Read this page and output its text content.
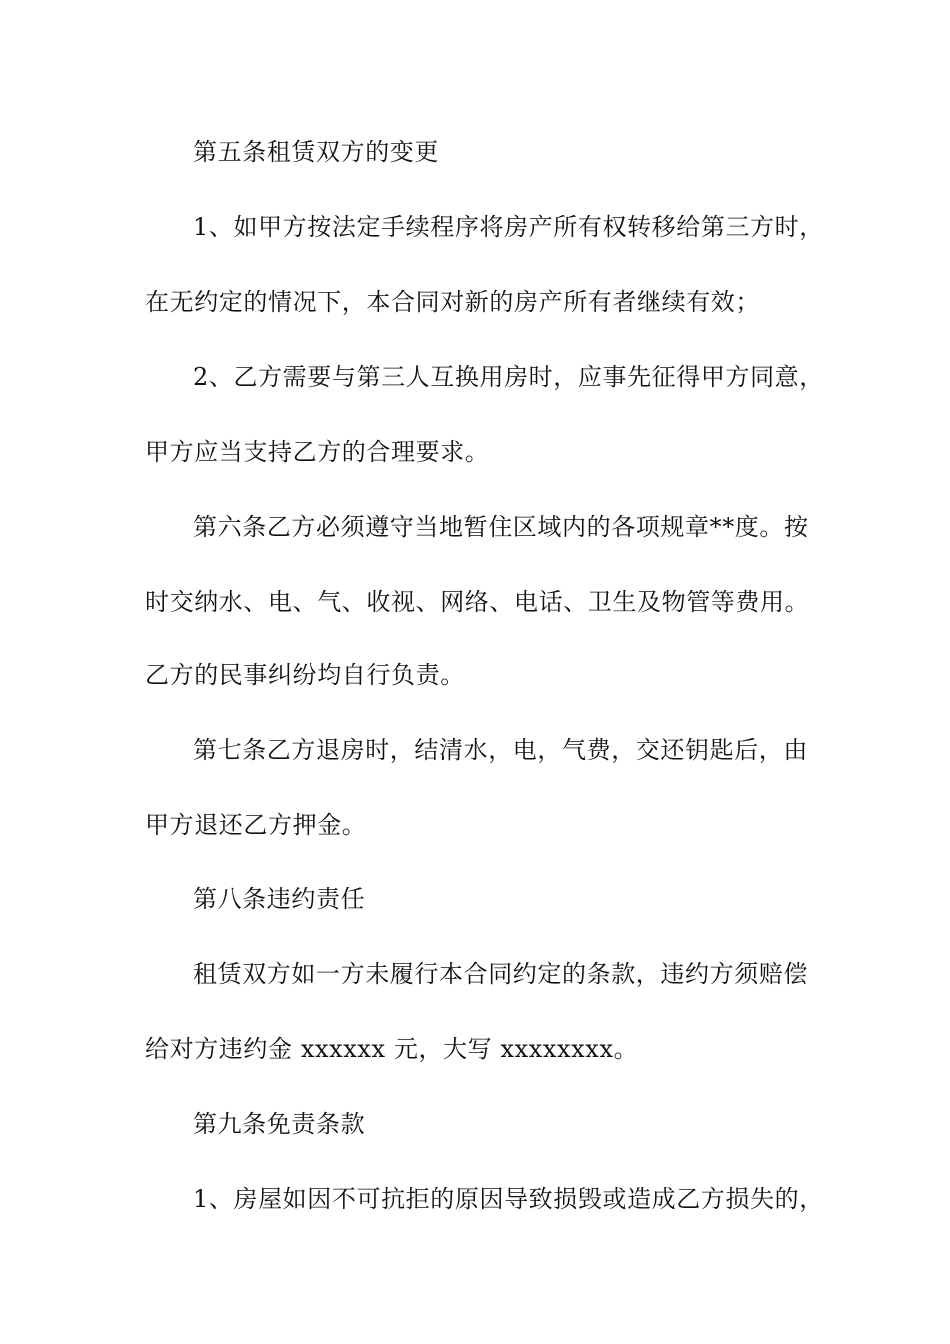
第五条租赁双方的变更

1、如甲方按法定手续程序将房产所有权转移给第三方时，

在无约定的情况下，本合同对新的房产所有者继续有效；

2、乙方需要与第三人互换用房时，应事先征得甲方同意，

甲方应当支持乙方的合理要求。

第六条乙方必须遵守当地暂住区域内的各项规章**度。按

时交纳水、电、气、收视、网络、电话、卫生及物管等费用。

乙方的民事纠纷均自行负责。

第七条乙方退房时，结清水，电，气费，交还钥匙后，由

甲方退还乙方押金。

第八条违约责任

租赁双方如一方未履行本合同约定的条款，违约方须赔偿

给对方违约金 xxxxxx 元，大写 xxxxxxxx。

第九条免责条款

1、房屋如因不可抗拒的原因导致损毁或造成乙方损失的，
